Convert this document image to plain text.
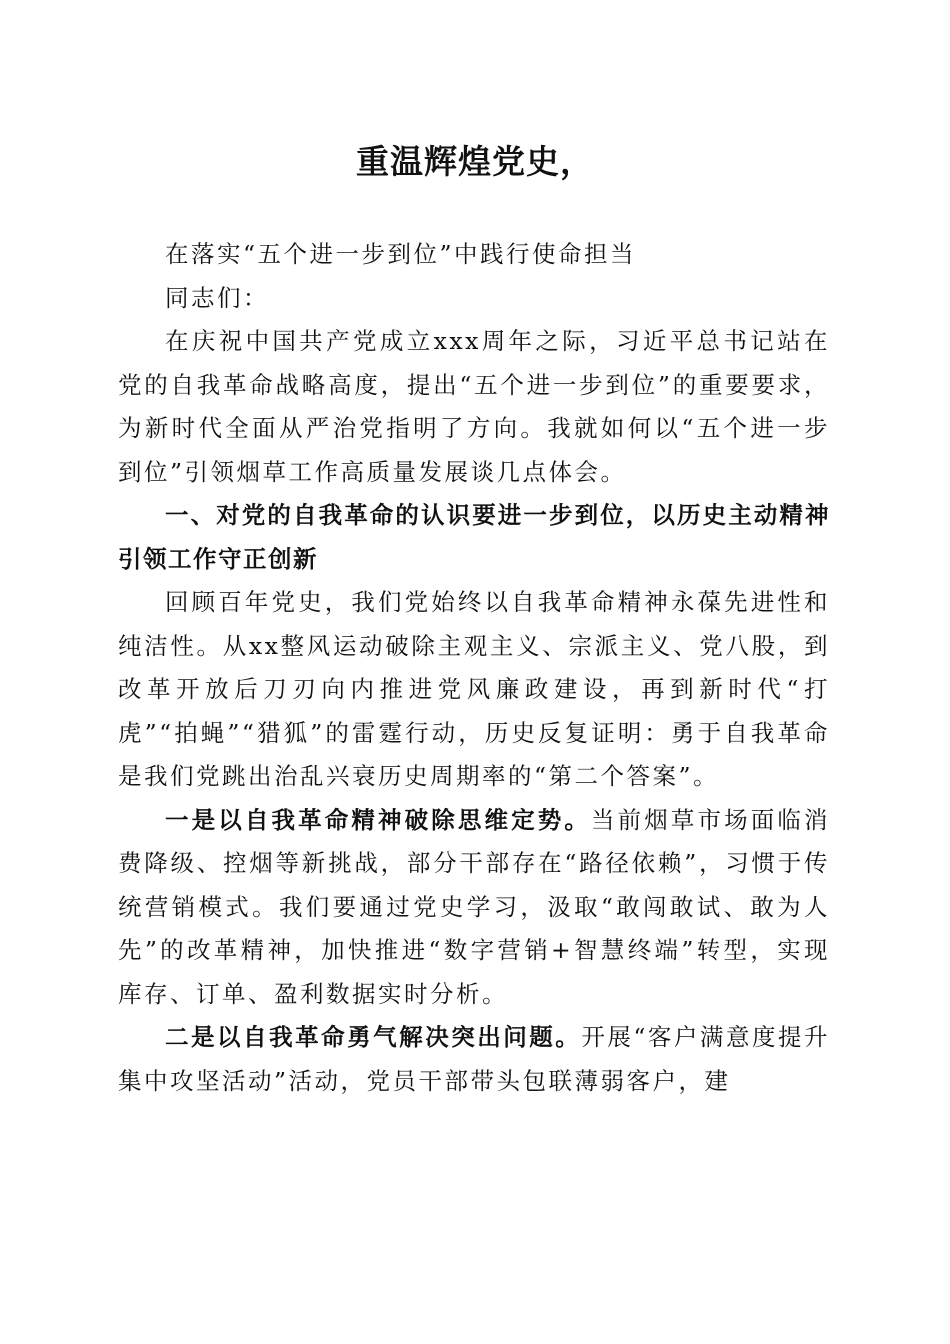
重温辉煌党史，

在落实“五个进一步到位”中践行使命担当

同志们：

在庆祝中国共产党成立xxx周年之际，习近平总书记站在党的自我革命战略高度，提出“五个进一步到位”的重要要求，为新时代全面从严治党指明了方向。我就如何以“五个进一步到位”引领烟草工作高质量发展谈几点体会。

一、对党的自我革命的认识要进一步到位，以历史主动精神引领工作守正创新

回顾百年党史，我们党始终以自我革命精神永葆先进性和纯洁性。从xx整风运动破除主观主义、宗派主义、党八股，到改革开放后刀刃向内推进党风廉政建设，再到新时代“打虎”“拍蝇”“猎狐”的雷霆行动，历史反复证明：勇于自我革命是我们党跳出治乱兴衰历史周期率的“第二个答案”。

一是以自我革命精神破除思维定势。当前烟草市场面临消费降级、控烟等新挑战，部分干部存在“路径依赖”，习惯于传统营销模式。我们要通过党史学习，汲取“敢闯敢试、敢为人先”的改革精神，加快推进“数字营销+智慧终端”转型，实现库存、订单、盈利数据实时分析。

二是以自我革命勇气解决突出问题。开展“客户满意度提升集中攻坚活动”活动，党员干部带头包联薄弱客户，建
